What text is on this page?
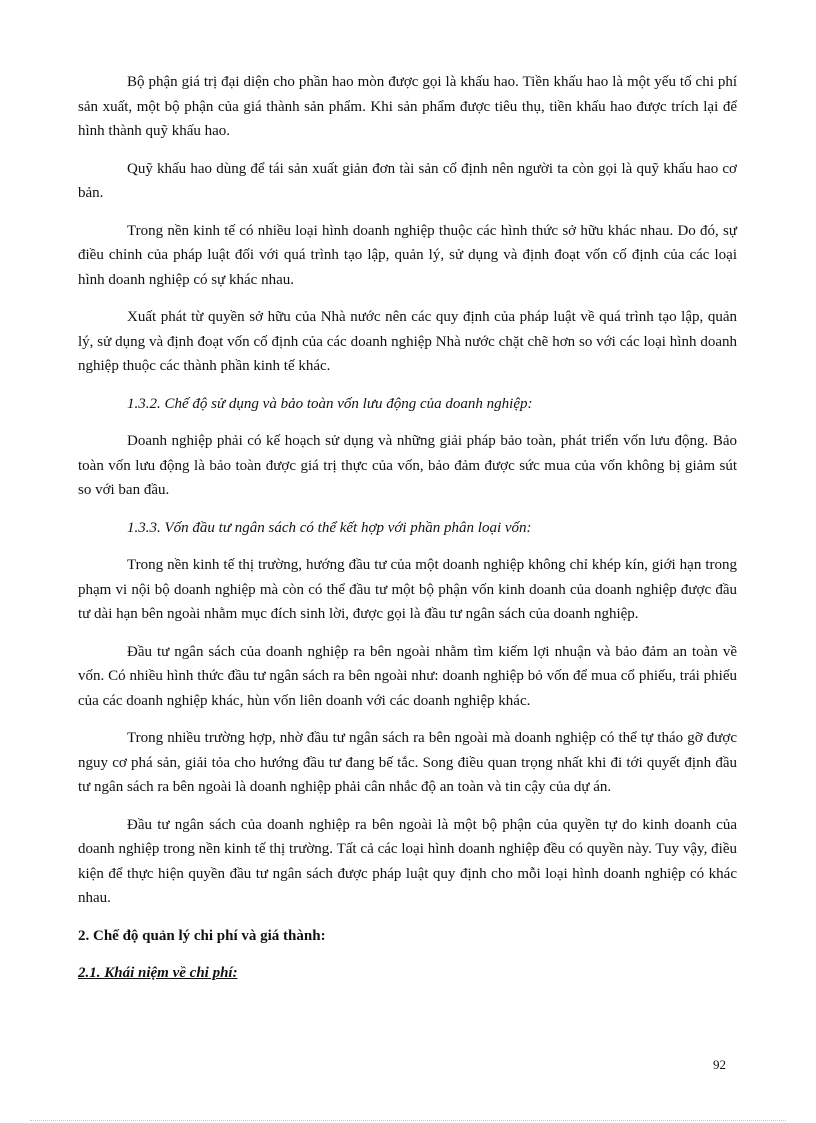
Bộ phận giá trị đại diện cho phần hao mòn được gọi là khấu hao. Tiền khấu hao là một yếu tố chi phí sản xuất, một bộ phận của giá thành sản phẩm. Khi sản phẩm được tiêu thụ, tiền khấu hao được trích lại để hình thành quỹ khấu hao.

Quỹ khấu hao dùng để tái sản xuất giản đơn tài sản cố định nên người ta còn gọi là quỹ khấu hao cơ bản.

Trong nền kinh tế có nhiều loại hình doanh nghiệp thuộc các hình thức sở hữu khác nhau. Do đó, sự điều chỉnh của pháp luật đối với quá trình tạo lập, quản lý, sử dụng và định đoạt vốn cố định của các loại hình doanh nghiệp có sự khác nhau.

Xuất phát từ quyền sở hữu của Nhà nước nên các quy định của pháp luật về quá trình tạo lập, quản lý, sử dụng và định đoạt vốn cố định của các doanh nghiệp Nhà nước chặt chẽ hơn so với các loại hình doanh nghiệp thuộc các thành phần kinh tế khác.

1.3.2. Chế độ sử dụng và bảo toàn vốn lưu động của doanh nghiệp:

Doanh nghiệp phải có kế hoạch sử dụng và những giải pháp bảo toàn, phát triển vốn lưu động. Bảo toàn vốn lưu động là bảo toàn được giá trị thực của vốn, bảo đảm được sức mua của vốn không bị giảm sút so với ban đầu.

1.3.3. Vốn đầu tư ngân sách có thể kết hợp với phần phân loại vốn:

Trong nền kinh tế thị trường, hướng đầu tư của một doanh nghiệp không chỉ khép kín, giới hạn trong phạm vi nội bộ doanh nghiệp mà còn có thể đầu tư một bộ phận vốn kinh doanh của doanh nghiệp được đầu tư dài hạn bên ngoài nhằm mục đích sinh lời, được gọi là đầu tư ngân sách của doanh nghiệp.

Đầu tư ngân sách của doanh nghiệp ra bên ngoài nhằm tìm kiếm lợi nhuận và bảo đảm an toàn về vốn. Có nhiều hình thức đầu tư ngân sách ra bên ngoài như: doanh nghiệp bỏ vốn để mua cổ phiếu, trái phiếu của các doanh nghiệp khác, hùn vốn liên doanh với các doanh nghiệp khác.

Trong nhiều trường hợp, nhờ đầu tư ngân sách ra bên ngoài mà doanh nghiệp có thể tự tháo gỡ được nguy cơ phá sản, giải tỏa cho hướng đầu tư đang bế tắc. Song điều quan trọng nhất khi đi tới quyết định đầu tư ngân sách ra bên ngoài là doanh nghiệp phải cân nhắc độ an toàn và tin cậy của dự án.

Đầu tư ngân sách của doanh nghiệp ra bên ngoài là một bộ phận của quyền tự do kinh doanh của doanh nghiệp trong nền kinh tế thị trường. Tất cả các loại hình doanh nghiệp đều có quyền này. Tuy vậy, điều kiện để thực hiện quyền đầu tư ngân sách được pháp luật quy định cho mỗi loại hình doanh nghiệp có khác nhau.

2. Chế độ quản lý chi phí và giá thành:

2.1. Khái niệm về chi phí:

92
